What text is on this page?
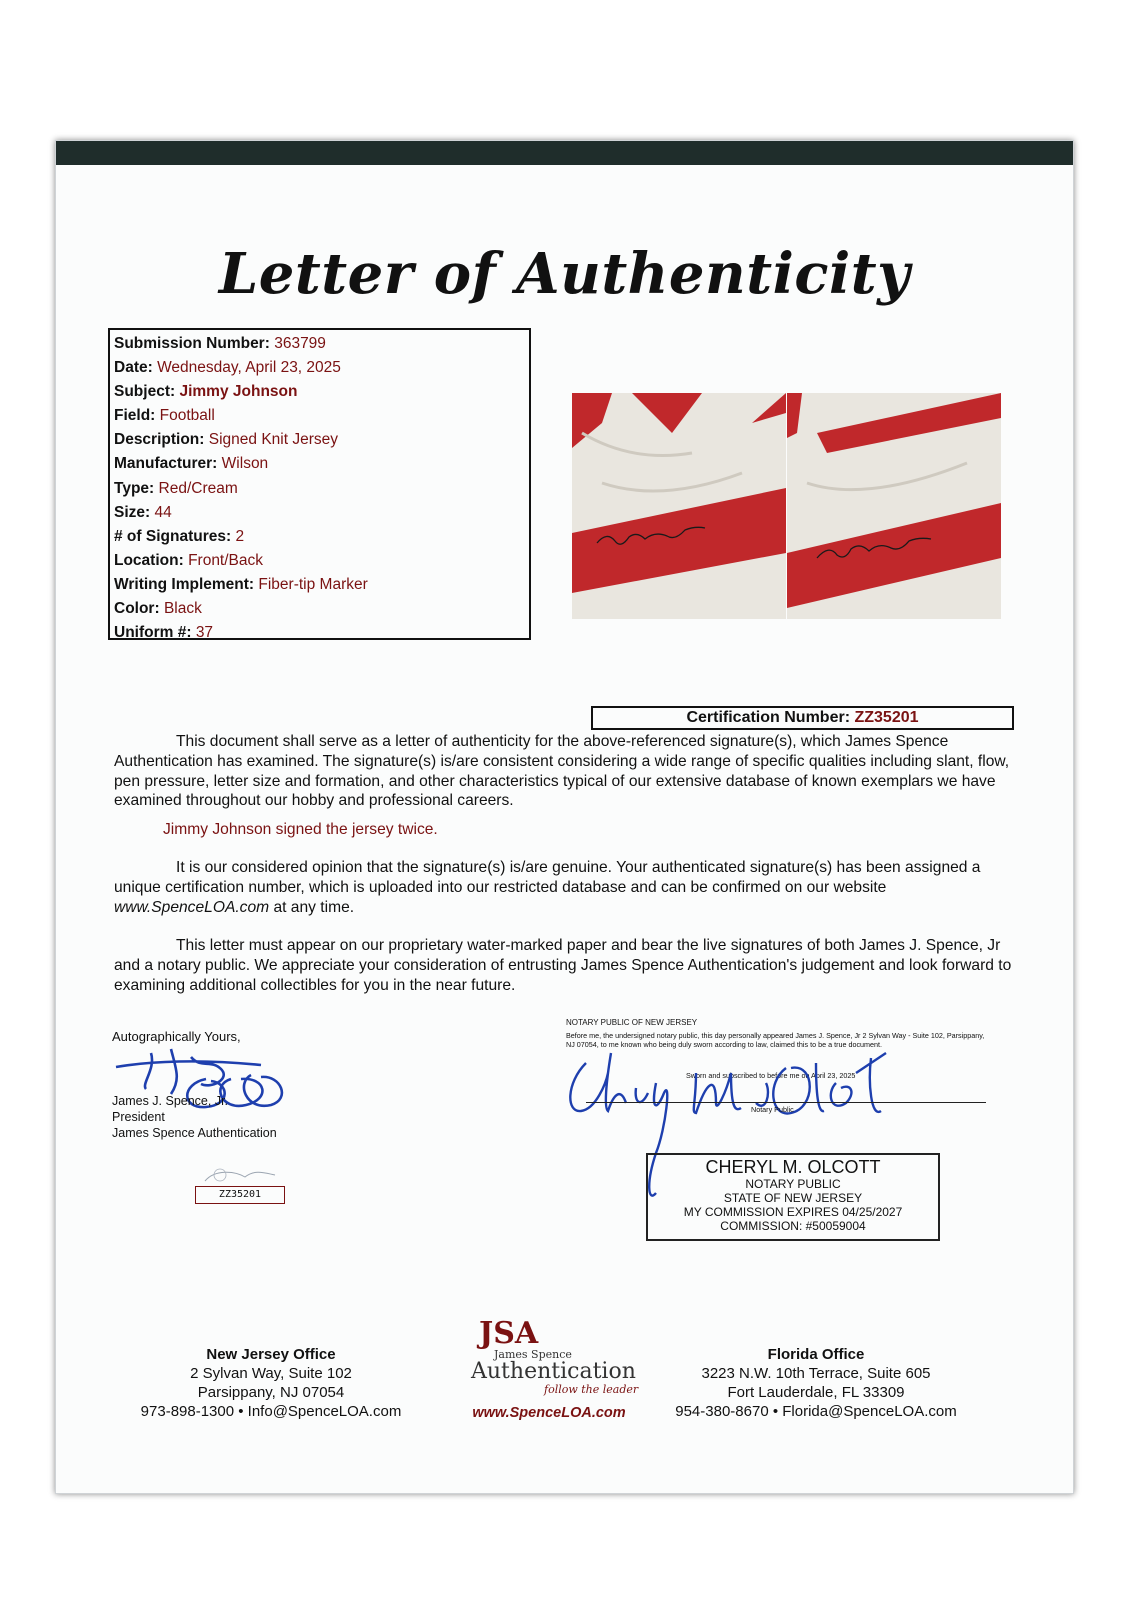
Letter of Authenticity
Submission Number: 363799
Date: Wednesday, April 23, 2025
Subject: Jimmy Johnson
Field: Football
Description: Signed Knit Jersey
Manufacturer: Wilson
Type: Red/Cream
Size: 44
# of Signatures: 2
Location: Front/Back
Writing Implement: Fiber-tip Marker
Color: Black
Uniform #: 37
Certification Number: ZZ35201
This document shall serve as a letter of authenticity for the above-referenced signature(s), which James Spence Authentication has examined. The signature(s) is/are consistent considering a wide range of specific qualities including slant, flow, pen pressure, letter size and formation, and other characteristics typical of our extensive database of known exemplars we have examined throughout our hobby and professional careers.
Jimmy Johnson signed the jersey twice.
It is our considered opinion that the signature(s) is/are genuine. Your authenticated signature(s) has been assigned a unique certification number, which is uploaded into our restricted database and can be confirmed on our website www.SpenceLOA.com at any time.
This letter must appear on our proprietary water-marked paper and bear the live signatures of both James J. Spence, Jr and a notary public. We appreciate your consideration of entrusting James Spence Authentication's judgement and look forward to examining additional collectibles for you in the near future.
Autographically Yours,
James J. Spence, Jr.
President
James Spence Authentication
ZZ35201
NOTARY PUBLIC OF NEW JERSEY
Before me, the undersigned notary public, this day personally appeared James J. Spence, Jr 2 Sylvan Way - Suite 102, Parsippany, NJ 07054, to me known who being duly sworn according to law, claimed this to be a true document.
Sworn and subscribed to before me on April 23, 2025
Notary Public
CHERYL M. OLCOTT
NOTARY PUBLIC
STATE OF NEW JERSEY
MY COMMISSION EXPIRES 04/25/2027
COMMISSION: #50059004
New Jersey Office
2 Sylvan Way, Suite 102
Parsippany, NJ 07054
973-898-1300 • Info@SpenceLOA.com
JSA
James Spence
Authentication
follow the leader
www.SpenceLOA.com
Florida Office
3223 N.W. 10th Terrace, Suite 605
Fort Lauderdale, FL 33309
954-380-8670 • Florida@SpenceLOA.com
